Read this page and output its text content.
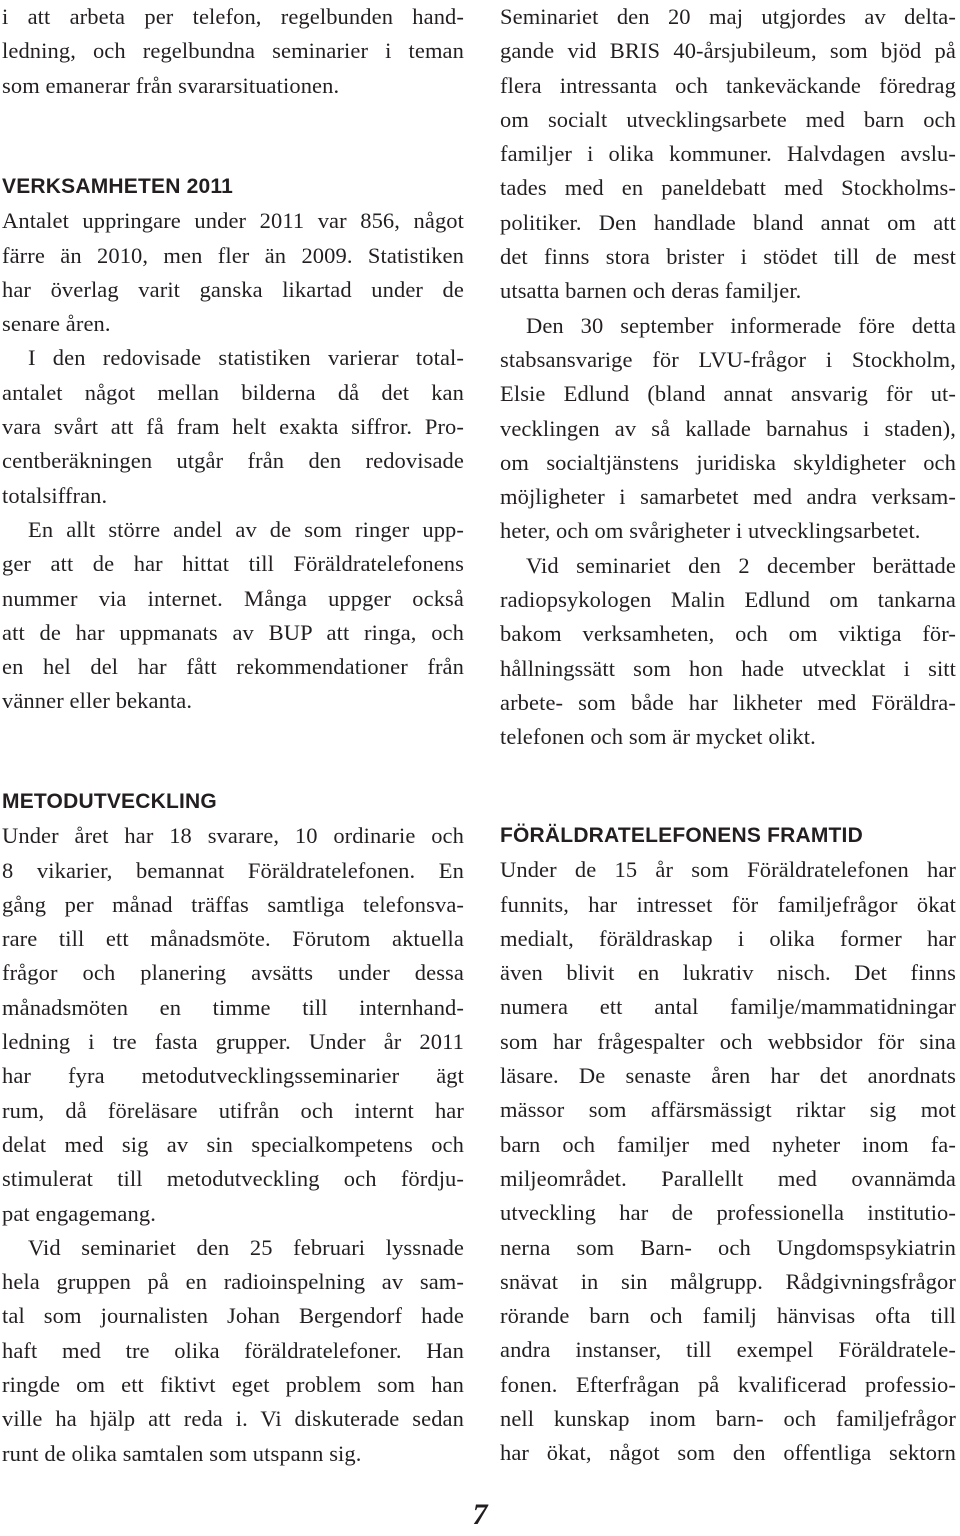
i att arbeta per telefon, regelbunden hand-
ledning, och regelbundna seminarier i teman
som emanerar från svararsituationen.
VERKSAMHETEN 2011
Antalet uppringare under 2011 var 856, något
färre än 2010, men fler än 2009. Statistiken
har överlag varit ganska likartad under de
senare åren.
I den redovisade statistiken varierar total-
antalet något mellan bilderna då det kan
vara svårt att få fram helt exakta siffror. Pro-
centberäkningen utgår från den redovisade
totalsiffran.
En allt större andel av de som ringer upp-
ger att de har hittat till Föräldratelefonens
nummer via internet. Många uppger också
att de har uppmanats av BUP att ringa, och
en hel del har fått rekommendationer från
vänner eller bekanta.
METODUTVECKLING
Under året har 18 svarare, 10 ordinarie och
8 vikarier, bemannat Föräldratelefonen. En
gång per månad träffas samtliga telefonsva-
rare till ett månadsmöte. Förutom aktuella
frågor och planering avsätts under dessa
månadsmöten en timme till internhand-
ledning i tre fasta grupper. Under år 2011
har fyra metodutvecklingsseminarier ägt
rum, då föreläsare utifrån och internt har
delat med sig av sin specialkompetens och
stimulerat till metodutveckling och fördju-
pat engagemang.
Vid seminariet den 25 februari lyssnade
hela gruppen på en radioinspelning av sam-
tal som journalisten Johan Bergendorf hade
haft med tre olika föräldratelefoner. Han
ringde om ett fiktivt eget problem som han
ville ha hjälp att reda i. Vi diskuterade sedan
runt de olika samtalen som utspann sig.
Seminariet den 20 maj utgjordes av delta-
gande vid BRIS 40-årsjubileum, som bjöd på
flera intressanta och tankeväckande föredrag
om socialt utvecklingsarbete med barn och
familjer i olika kommuner. Halvdagen avslu-
tades med en paneldebatt med Stockholms-
politiker. Den handlade bland annat om att
det finns stora brister i stödet till de mest
utsatta barnen och deras familjer.
Den 30 september informerade före detta
stabsansvarige för LVU-frågor i Stockholm,
Elsie Edlund (bland annat ansvarig för ut-
vecklingen av så kallade barnahus i staden),
om socialtjänstens juridiska skyldigheter och
möjligheter i samarbetet med andra verksam-
heter, och om svårigheter i utvecklingsarbetet.
Vid seminariet den 2 december berättade
radiopsykologen Malin Edlund om tankarna
bakom verksamheten, och om viktiga för-
hållningssätt som hon hade utvecklat i sitt
arbete- som både har likheter med Föräldra-
telefonen och som är mycket olikt.
FÖRÄLDRATELEFONENS FRAMTID
Under de 15 år som Föräldratelefonen har
funnits, har intresset för familjefrågor ökat
medialt, föräldraskap i olika former har
även blivit en lukrativ nisch. Det finns
numera ett antal familje/mammatidningar
som har frågespalter och webbsidor för sina
läsare. De senaste åren har det anordnats
mässor som affärsmässigt riktar sig mot
barn och familjer med nyheter inom fa-
miljeområdet. Parallellt med ovannämda
utveckling har de professionella institutio-
nerna som Barn- och Ungdomspsykiatrin
snävat in sin målgrupp. Rådgivningsfrågor
rörande barn och familj hänvisas ofta till
andra instanser, till exempel Föräldratele-
fonen. Efterfrågan på kvalificerad professio-
nell kunskap inom barn- och familjefrågor
har ökat, något som den offentliga sektorn
7
